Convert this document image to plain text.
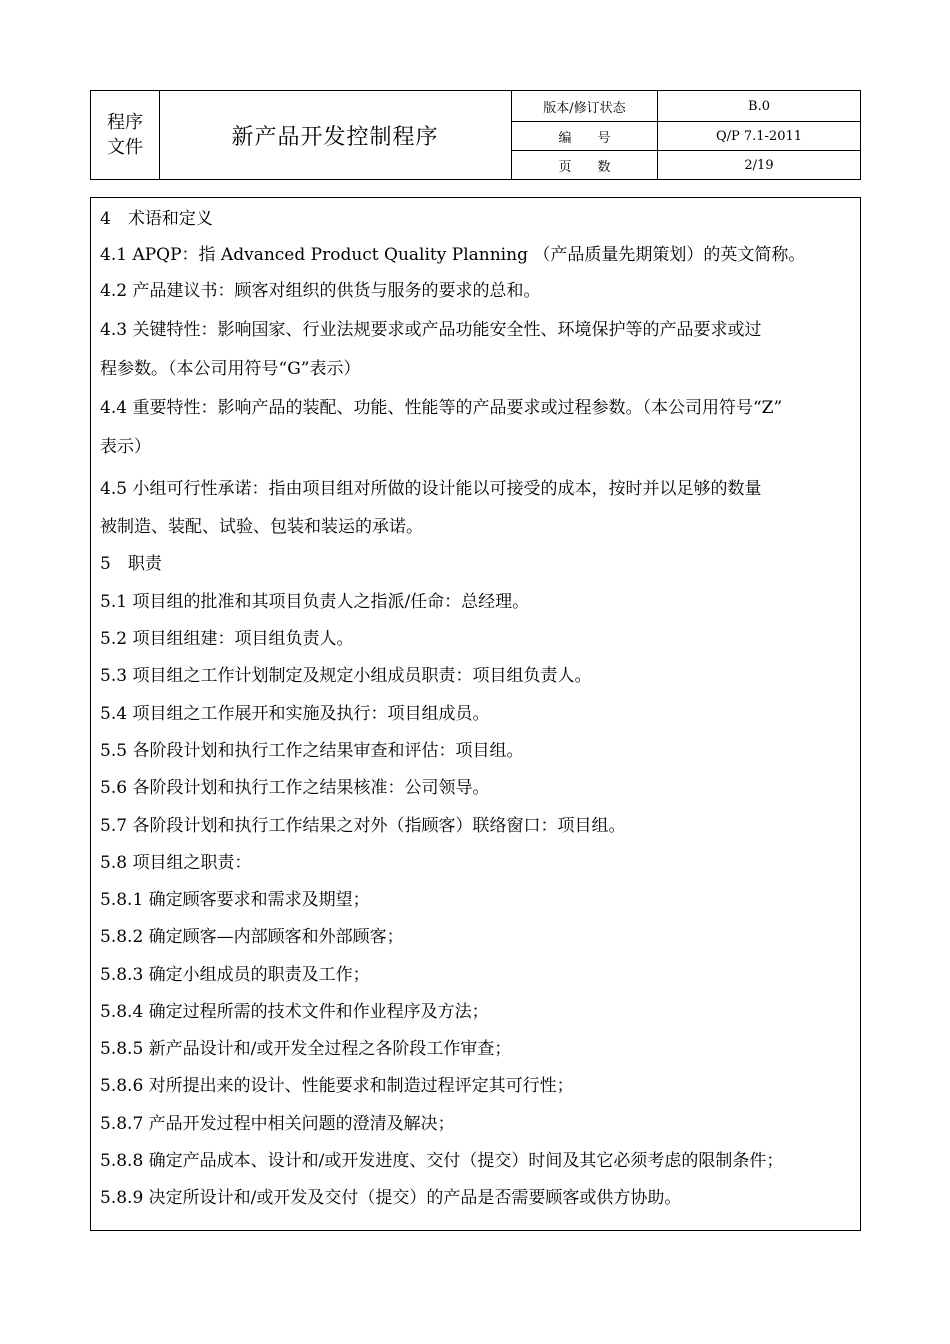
程序
文件	新产品开发控制程序
版本/修订状态	B.0
编　　号	Q/P 7.1-2011
页　　数	2/19
4　术语和定义
4.1 APQP：指 Advanced Product Quality Planning （产品质量先期策划）的英文简称。
4.2 产品建议书：顾客对组织的供货与服务的要求的总和。
4.3 关键特性：影响国家、行业法规要求或产品功能安全性、环境保护等的产品要求或过
程参数。（本公司用符号“G”表示）
4.4 重要特性：影响产品的装配、功能、性能等的产品要求或过程参数。（本公司用符号“Z”
表示）
4.5 小组可行性承诺：指由项目组对所做的设计能以可接受的成本，按时并以足够的数量
被制造、装配、试验、包装和装运的承诺。
5　职责
5.1 项目组的批准和其项目负责人之指派/任命：总经理。
5.2 项目组组建：项目组负责人。
5.3 项目组之工作计划制定及规定小组成员职责：项目组负责人。
5.4 项目组之工作展开和实施及执行：项目组成员。
5.5 各阶段计划和执行工作之结果审查和评估：项目组。
5.6 各阶段计划和执行工作之结果核准：公司领导。
5.7 各阶段计划和执行工作结果之对外（指顾客）联络窗口：项目组。
5.8 项目组之职责：
5.8.1 确定顾客要求和需求及期望；
5.8.2 确定顾客—内部顾客和外部顾客；
5.8.3 确定小组成员的职责及工作；
5.8.4 确定过程所需的技术文件和作业程序及方法；
5.8.5 新产品设计和/或开发全过程之各阶段工作审查；
5.8.6 对所提出来的设计、性能要求和制造过程评定其可行性；
5.8.7 产品开发过程中相关问题的澄清及解决；
5.8.8 确定产品成本、设计和/或开发进度、交付（提交）时间及其它必须考虑的限制条件；
5.8.9 决定所设计和/或开发及交付（提交）的产品是否需要顾客或供方协助。
